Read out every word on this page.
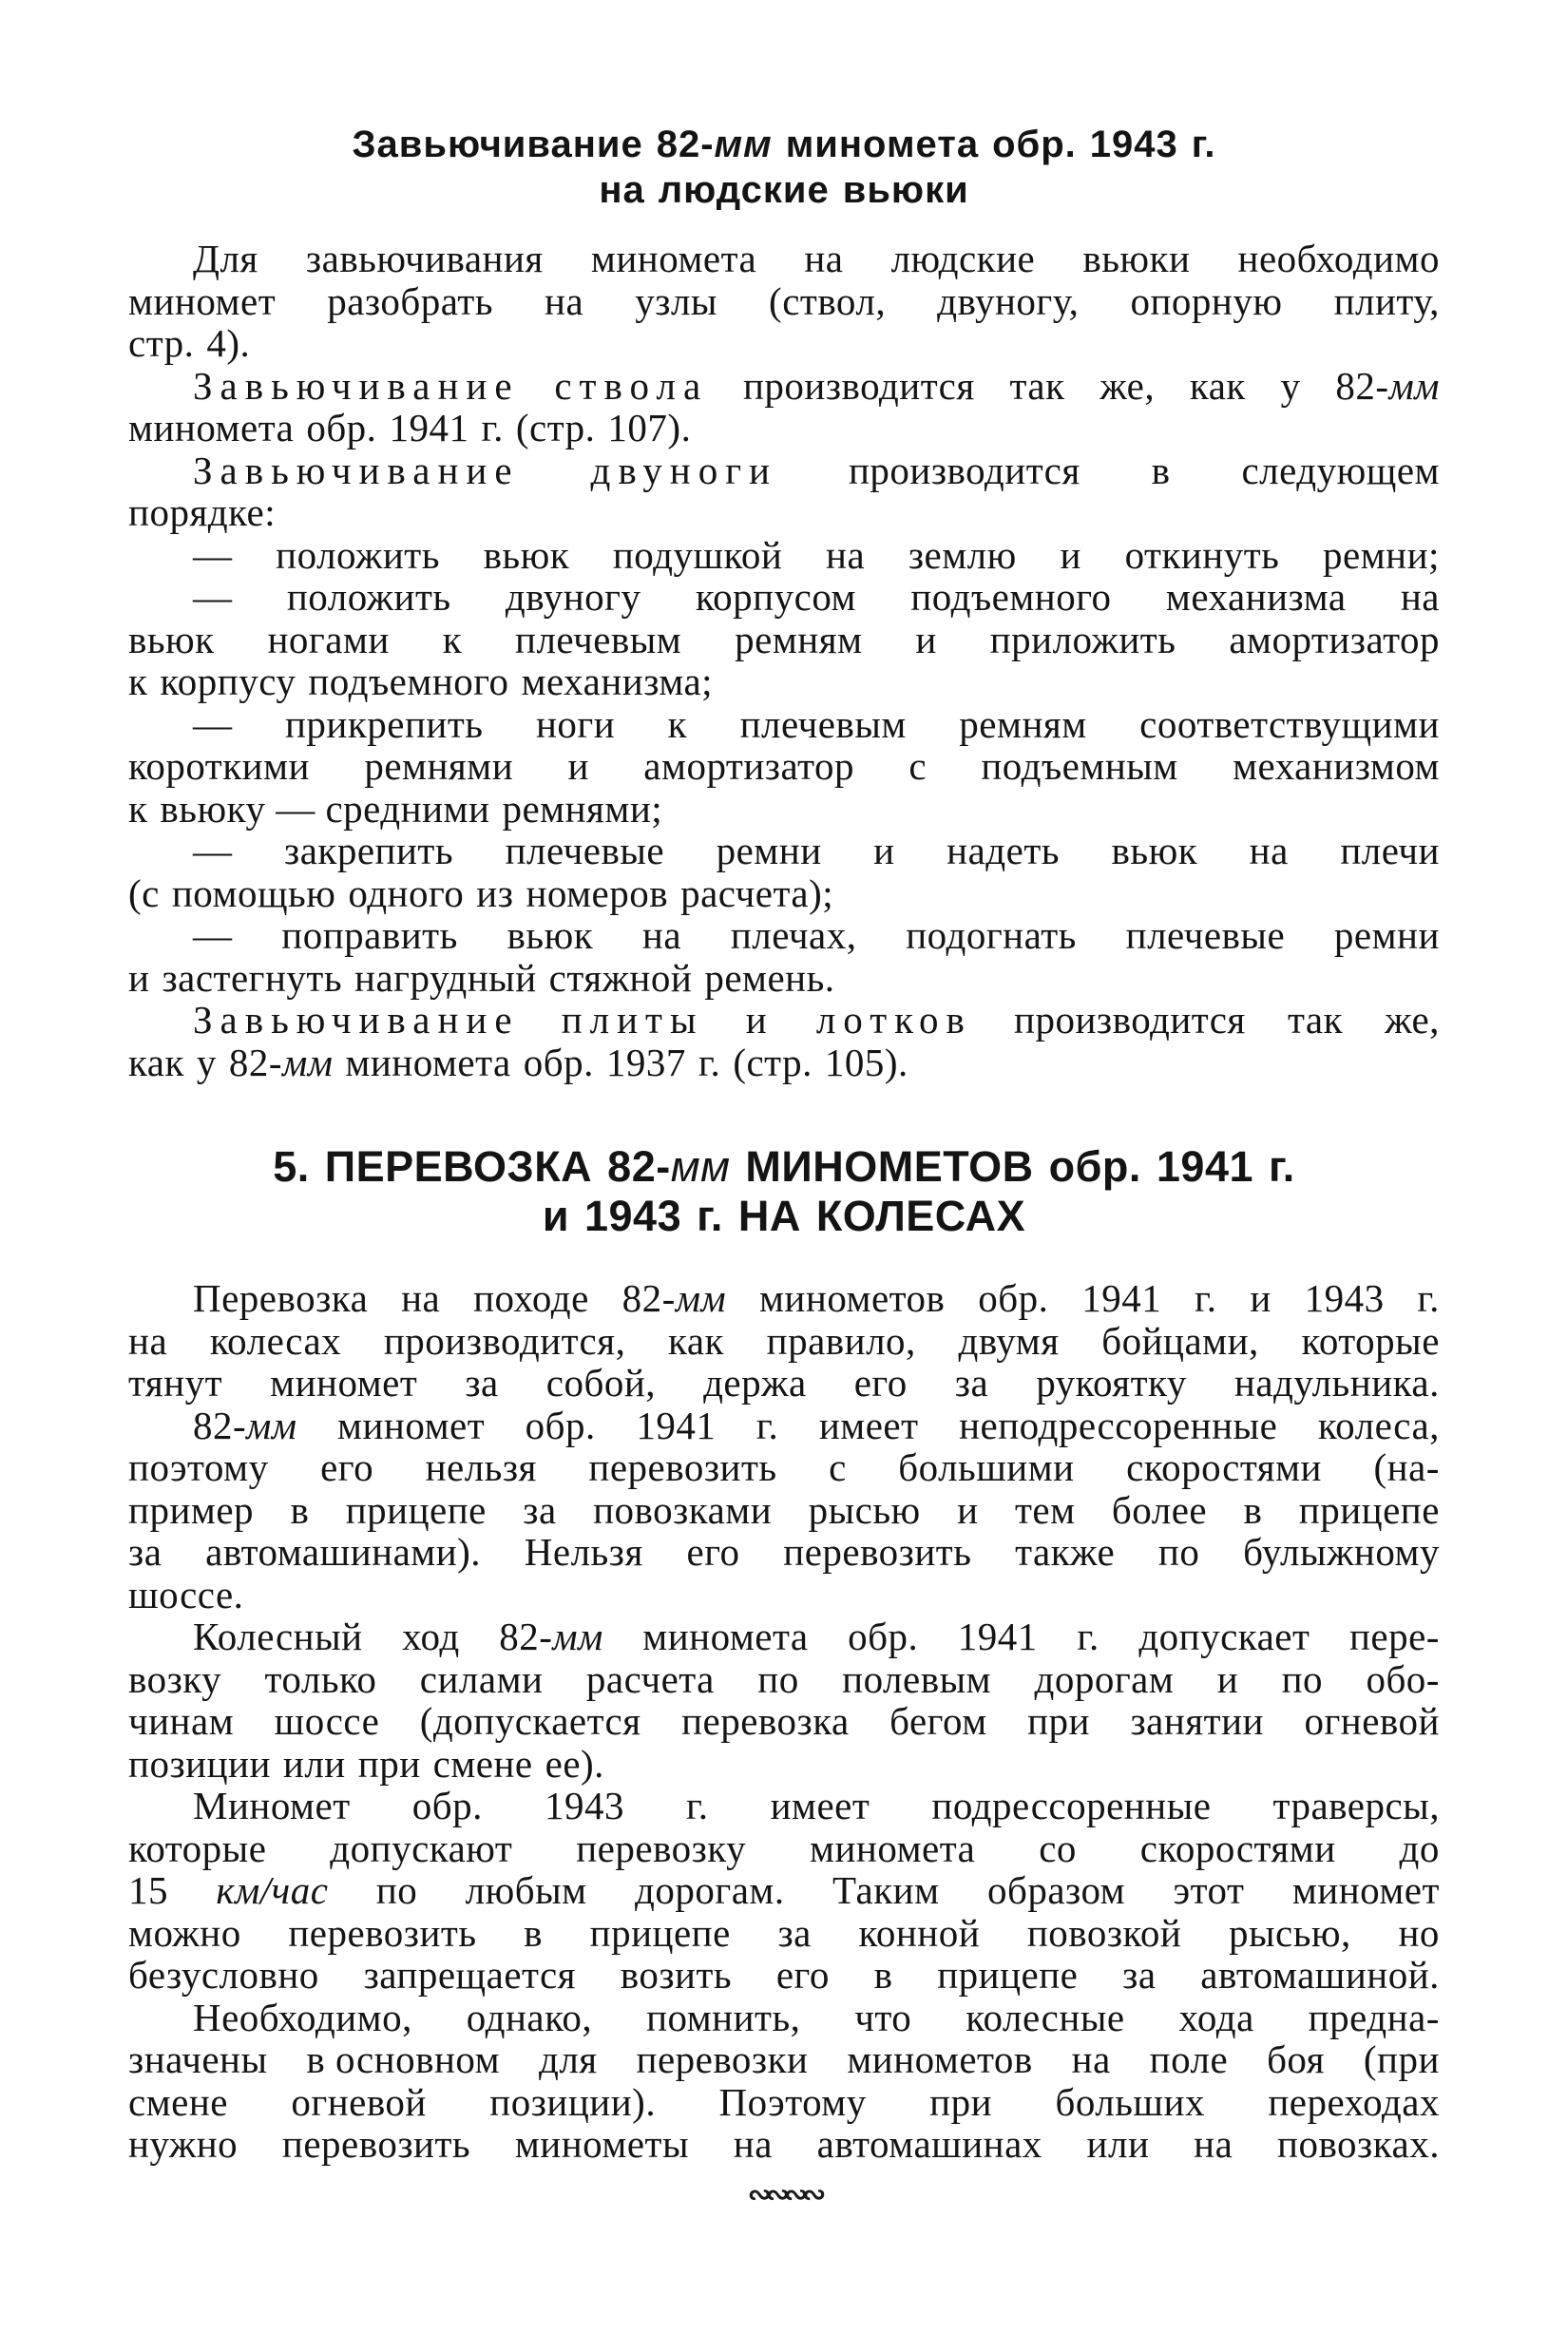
Завьючивание 82-мм миномета обр. 1943 г.
на людские вьюки
Для завьючивания миномета на людские вьюки необходимо
миномет разобрать на узлы (ствол, двуногу, опорную плиту,
стр. 4).
Завьючивание ствола производится так же, как у 82-мм
миномета обр. 1941 г. (стр. 107).
Завьючивание двуноги производится в следующем
порядке:
— положить вьюк подушкой на землю и откинуть ремни;
— положить двуногу корпусом подъемного механизма на
вьюк ногами к плечевым ремням и приложить амортизатор
к корпусу подъемного механизма;
— прикрепить ноги к плечевым ремням соответствущими
короткими ремнями и амортизатор с подъемным механизмом
к вьюку — средними ремнями;
— закрепить плечевые ремни и надеть вьюк на плечи
(с помощью одного из номеров расчета);
— поправить вьюк на плечах, подогнать плечевые ремни
и застегнуть нагрудный стяжной ремень.
Завьючивание плиты и лотков производится так же,
как у 82-мм миномета обр. 1937 г. (стр. 105).
5. ПЕРЕВОЗКА 82-мм МИНОМЕТОВ обр. 1941 г.
и 1943 г. НА КОЛЕСАХ
Перевозка на походе 82-мм минометов обр. 1941 г. и 1943 г.
на колесах производится, как правило, двумя бойцами, которые
тянут миномет за собой, держа его за рукоятку надульника.
82-мм миномет обр. 1941 г. имеет неподрессоренные колеса,
поэтому его нельзя перевозить с большими скоростями (на-
пример в прицепе за повозками рысью и тем более в прицепе
за автомашинами). Нельзя его перевозить также по булыжному
шоссе.
Колесный ход 82-мм миномета обр. 1941 г. допускает пере-
возку только силами расчета по полевым дорогам и по обо-
чинам шоссе (допускается перевозка бегом при занятии огневой
позиции или при смене ее).
Миномет обр. 1943 г. имеет подрессоренные траверсы,
которые допускают перевозку миномета со скоростями до
15 км/час по любым дорогам. Таким образом этот миномет
можно перевозить в прицепе за конной повозкой рысью, но
безусловно запрещается возить его в прицепе за автомашиной.
Необходимо, однако, помнить, что колесные хода предна-
значены в основном для перевозки минометов на поле боя (при
смене огневой позиции). Поэтому при больших переходах
нужно перевозить минометы на автомашинах или на повозках.
∾∾∾∾
